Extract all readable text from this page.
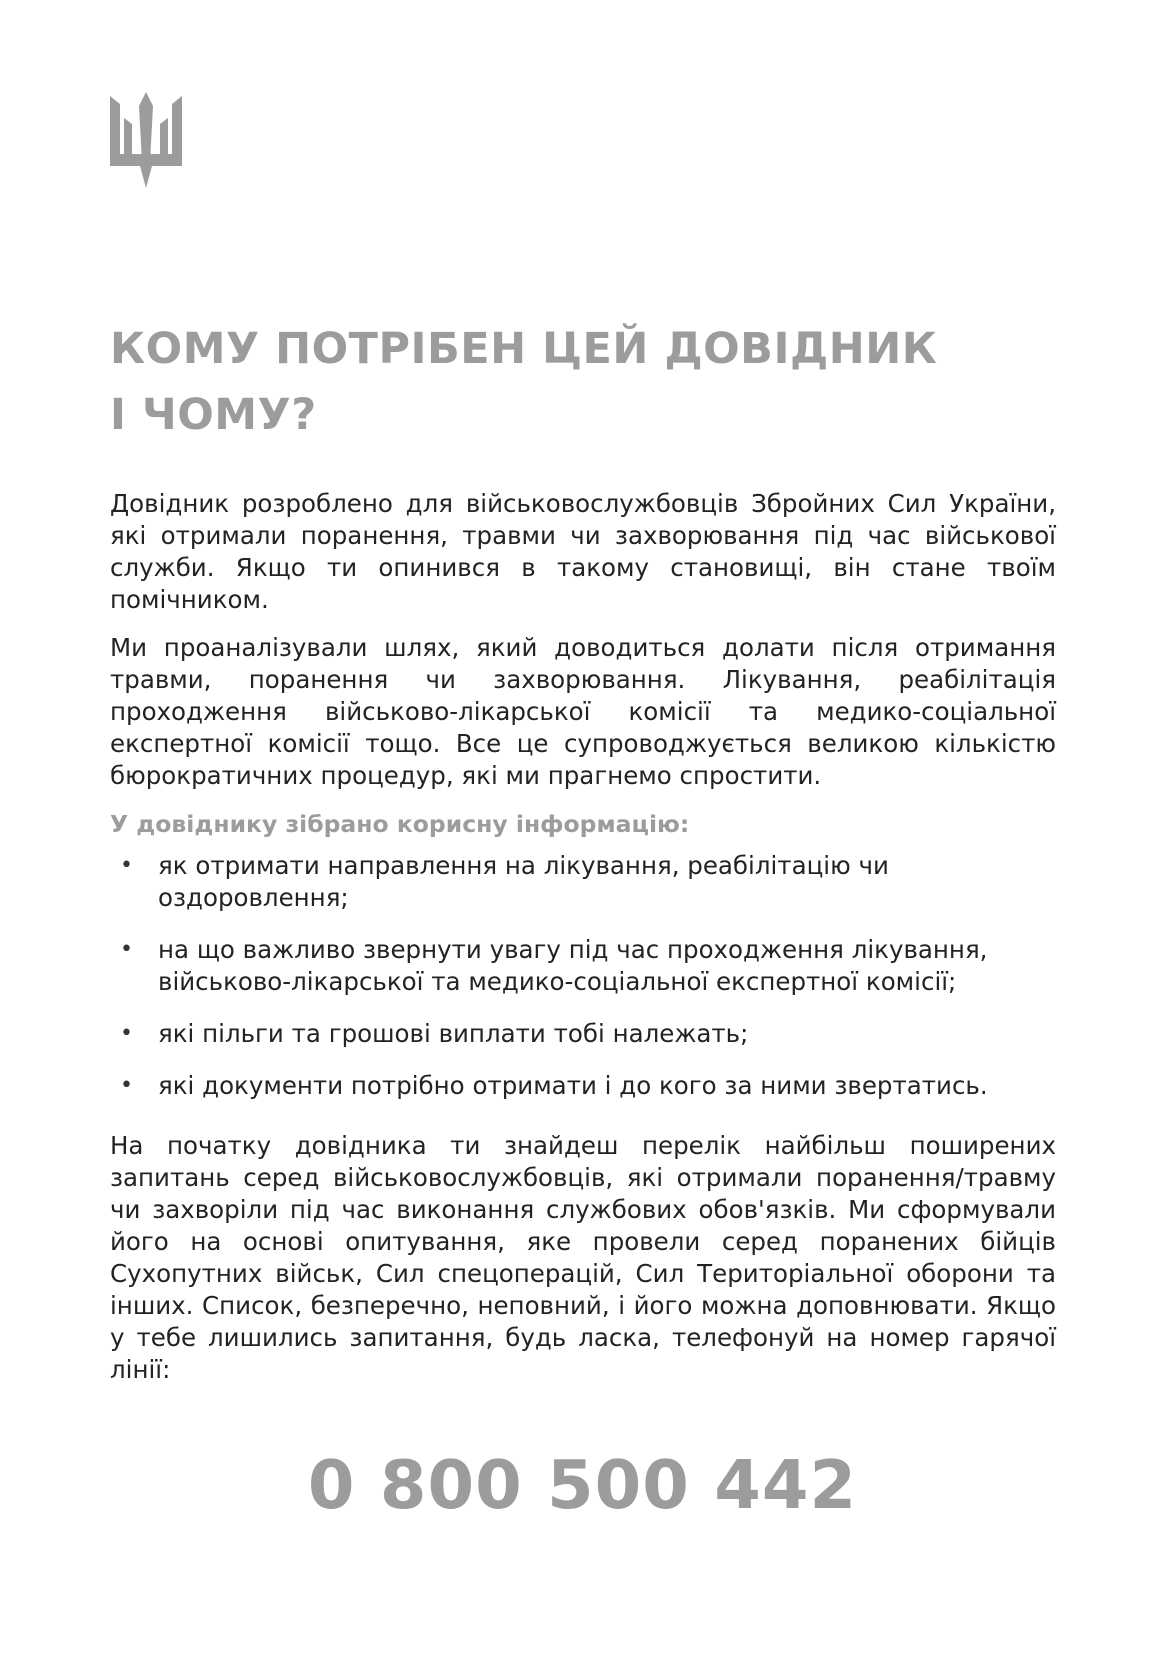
КОМУ ПОТРІБЕН ЦЕЙ ДОВІДНИК
І ЧОМУ?

Довідник розроблено для військовослужбовців Збройних Сил України, які отримали поранення, травми чи захворювання під час військової служби. Якщо ти опинився в такому становищі, він стане твоїм помічником.

Ми проаналізували шлях, який доводиться долати після отримання травми, поранення чи захворювання. Лікування, реабілітація проходження військово-лікарської комісії та медико-соціальної експертної комісії тощо. Все це супроводжується великою кількістю бюрократичних процедур, які ми прагнемо спростити.

У довіднику зібрано корисну інформацію:

• як отримати направлення на лікування, реабілітацію чи оздоровлення;
• на що важливо звернути увагу під час проходження лікування, військово-лікарської та медико-соціальної експертної комісії;
• які пільги та грошові виплати тобі належать;
• які документи потрібно отримати і до кого за ними звертатись.

На початку довідника ти знайдеш перелік найбільш поширених запитань серед військовослужбовців, які отримали поранення/травму чи захворіли під час виконання службових обов'язків. Ми сформували його на основі опитування, яке провели серед поранених бійців Сухопутних військ, Сил спецоперацій, Сил Територіальної оборони та інших. Список, безперечно, неповний, і його можна доповнювати. Якщо у тебе лишились запитання, будь ласка, телефонуй на номер гарячої лінії:

0 800 500 442
